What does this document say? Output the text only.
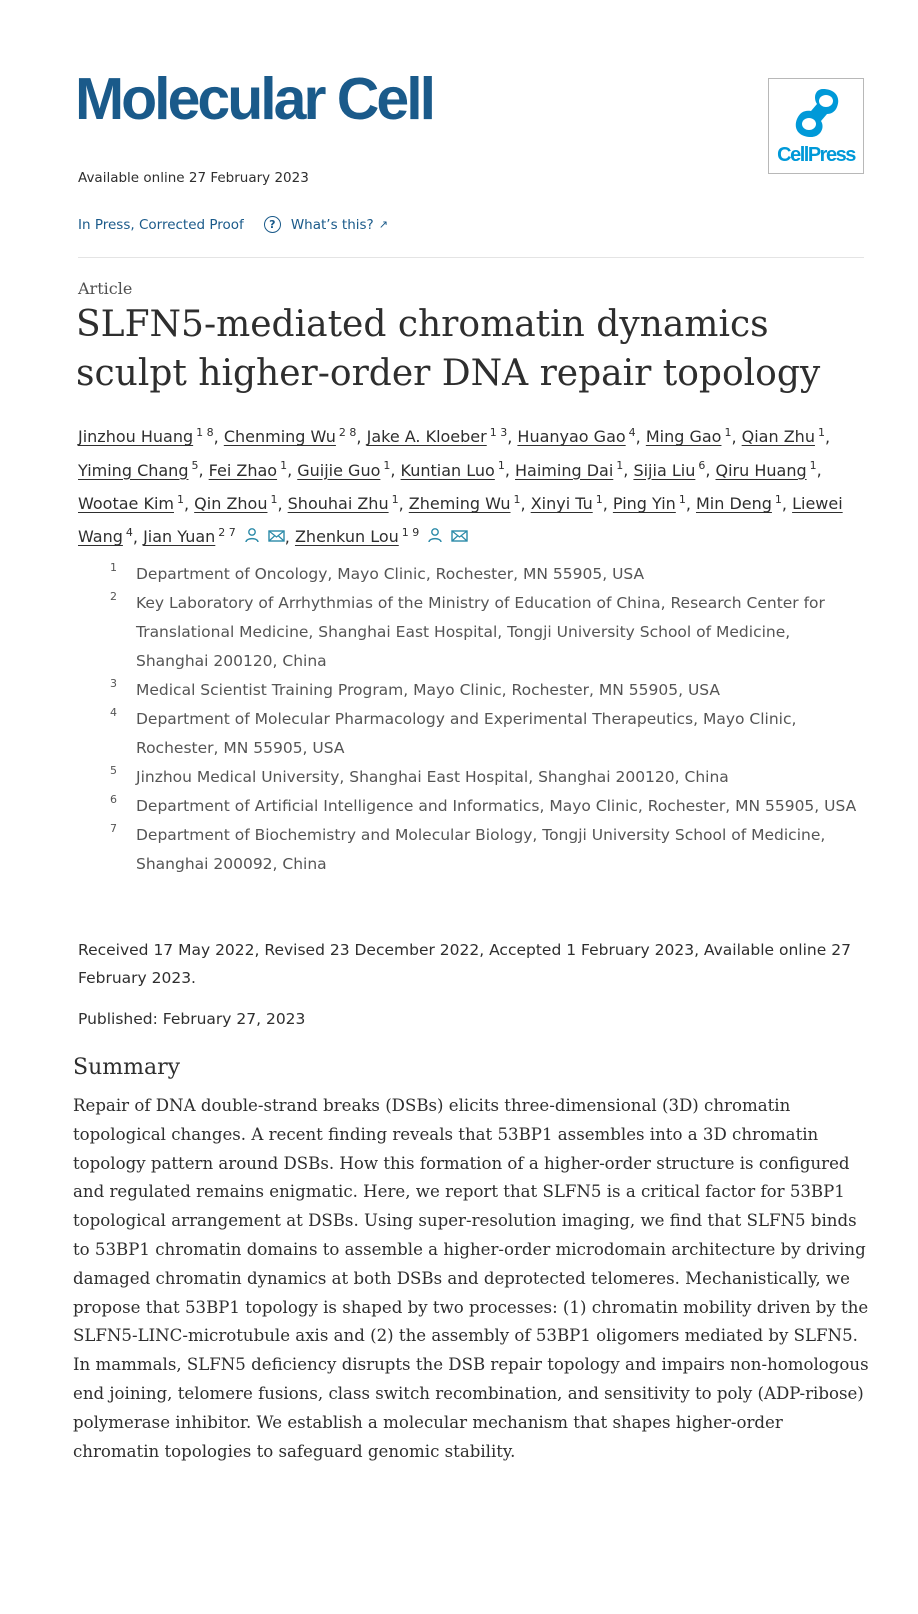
Molecular Cell
CellPress
Available online 27 February 2023
In Press, Corrected Proof	?	What’s this? ↗
Article
SLFN5-mediated chromatin dynamics sculpt higher-order DNA repair topology
Jinzhou Huang $^{1 8}$, Chenming Wu $^{2 8}$, Jake A. Kloeber $^{1 3}$, Huanyao Gao $^4$, Ming Gao $^1$, Qian Zhu $^1$, Yiming Chang $^5$, Fei Zhao $^1$, Guijie Guo $^1$, Kuntian Luo $^1$, Haiming Dai $^1$, Sijia Liu $^6$, Qiru Huang $^1$, Wootae Kim $^1$, Qin Zhou $^1$, Shouhai Zhu $^1$, Zheming Wu $^1$, Xinyi Tu $^1$, Ping Yin $^1$, Min Deng $^1$, Liewei Wang $^4$, Jian Yuan $^{2 7}$	, Zhenkun Lou $^{1 9}$
1	Department of Oncology, Mayo Clinic, Rochester, MN 55905, USA
2	Key Laboratory of Arrhythmias of the Ministry of Education of China, Research Center for Translational Medicine, Shanghai East Hospital, Tongji University School of Medicine, Shanghai 200120, China
3	Medical Scientist Training Program, Mayo Clinic, Rochester, MN 55905, USA
4	Department of Molecular Pharmacology and Experimental Therapeutics, Mayo Clinic, Rochester, MN 55905, USA
5	Jinzhou Medical University, Shanghai East Hospital, Shanghai 200120, China
6	Department of Artificial Intelligence and Informatics, Mayo Clinic, Rochester, MN 55905, USA
7	Department of Biochemistry and Molecular Biology, Tongji University School of Medicine, Shanghai 200092, China
Received 17 May 2022, Revised 23 December 2022, Accepted 1 February 2023, Available online 27 February 2023.
Published: February 27, 2023
Summary

Repair of DNA double-strand breaks (DSBs) elicits three-dimensional (3D) chromatin topological changes. A recent finding reveals that 53BP1 assembles into a 3D chromatin topology pattern around DSBs. How this formation of a higher-order structure is configured and regulated remains enigmatic. Here, we report that SLFN5 is a critical factor for 53BP1 topological arrangement at DSBs. Using super-resolution imaging, we find that SLFN5 binds to 53BP1 chromatin domains to assemble a higher-order microdomain architecture by driving damaged chromatin dynamics at both DSBs and deprotected telomeres. Mechanistically, we propose that 53BP1 topology is shaped by two processes: (1) chromatin mobility driven by the SLFN5-LINC-microtubule axis and (2) the assembly of 53BP1 oligomers mediated by SLFN5. In mammals, SLFN5 deficiency disrupts the DSB repair topology and impairs non-homologous end joining, telomere fusions, class switch recombination, and sensitivity to poly (ADP-ribose) polymerase inhibitor. We establish a molecular mechanism that shapes higher-order chromatin topologies to safeguard genomic stability.
